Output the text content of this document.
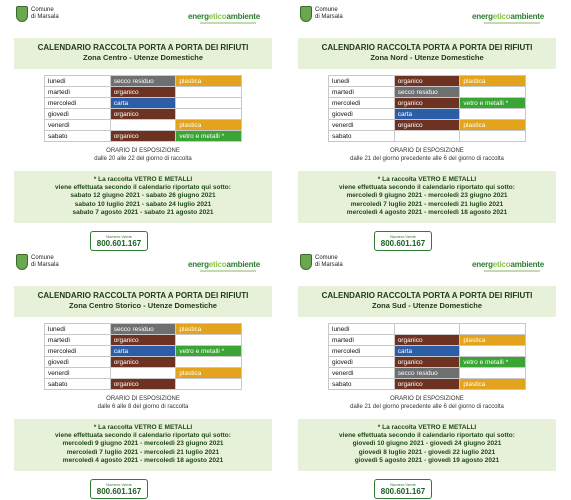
Comune
di Marsala	energeticoambiente
CALENDARIO RACCOLTA PORTA A PORTA DEI RIFIUTI
Zona Centro - Utenze Domestiche
lunedì	secco residuo	plastica
martedì	organico	
mercoledì	carta	
giovedì	organico	
venerdì		plastica
sabato	organico	vetro e metalli *
ORARIO DI ESPOSIZIONE
dalle 20 alle 22 del giorno di raccolta
* La raccolta VETRO E METALLI
viene effettuata secondo il calendario riportato qui sotto:
sabato 12 giugno 2021 - sabato 26 giugno 2021
sabato 10 luglio 2021 - sabato 24 luglio 2021
sabato 7 agosto 2021 - sabato 21 agosto 2021
Numero Verde
800.601.167
Comune
di Marsala	energeticoambiente
CALENDARIO RACCOLTA PORTA A PORTA DEI RIFIUTI
Zona Nord - Utenze Domestiche
lunedì	organico	plastica
martedì	secco residuo	
mercoledì	organico	vetro e metalli *
giovedì	carta	
venerdì	organico	plastica
sabato		
ORARIO DI ESPOSIZIONE
dalle 21 del giorno precedente alle 6 del giorno di raccolta
* La raccolta VETRO E METALLI
viene effettuata secondo il calendario riportato qui sotto:
mercoledì 9 giugno 2021 - mercoledì 23 giugno 2021
mercoledì 7 luglio 2021 - mercoledì 21 luglio 2021
mercoledì 4 agosto 2021 - mercoledì 18 agosto 2021
Numero Verde
800.601.167
Comune
di Marsala	energeticoambiente
CALENDARIO RACCOLTA PORTA A PORTA DEI RIFIUTI
Zona Centro Storico - Utenze Domestiche
lunedì	secco residuo	plastica
martedì	organico	
mercoledì	carta	vetro e metalli *
giovedì	organico	
venerdì		plastica
sabato	organico	
ORARIO DI ESPOSIZIONE
dalle 6 alle 8 del giorno di raccolta
* La raccolta VETRO E METALLI
viene effettuata secondo il calendario riportato qui sotto:
mercoledì 9 giugno 2021 - mercoledì 23 giugno 2021
mercoledì 7 luglio 2021 - mercoledì 21 luglio 2021
mercoledì 4 agosto 2021 - mercoledì 18 agosto 2021
Numero Verde
800.601.167
Comune
di Marsala	energeticoambiente
CALENDARIO RACCOLTA PORTA A PORTA DEI RIFIUTI
Zona Sud - Utenze Domestiche
lunedì		
martedì	organico	plastica
mercoledì	carta	
giovedì	organico	vetro e metalli *
venerdì	secco residuo	
sabato	organico	plastica
ORARIO DI ESPOSIZIONE
dalle 21 del giorno precedente alle 6 del giorno di raccolta
* La raccolta VETRO E METALLI
viene effettuata secondo il calendario riportato qui sotto:
giovedì 10 giugno 2021 - giovedì 24 giugno 2021
giovedì 8 luglio 2021 - giovedì 22 luglio 2021
giovedì 5 agosto 2021 - giovedì 19 agosto 2021
Numero Verde
800.601.167
